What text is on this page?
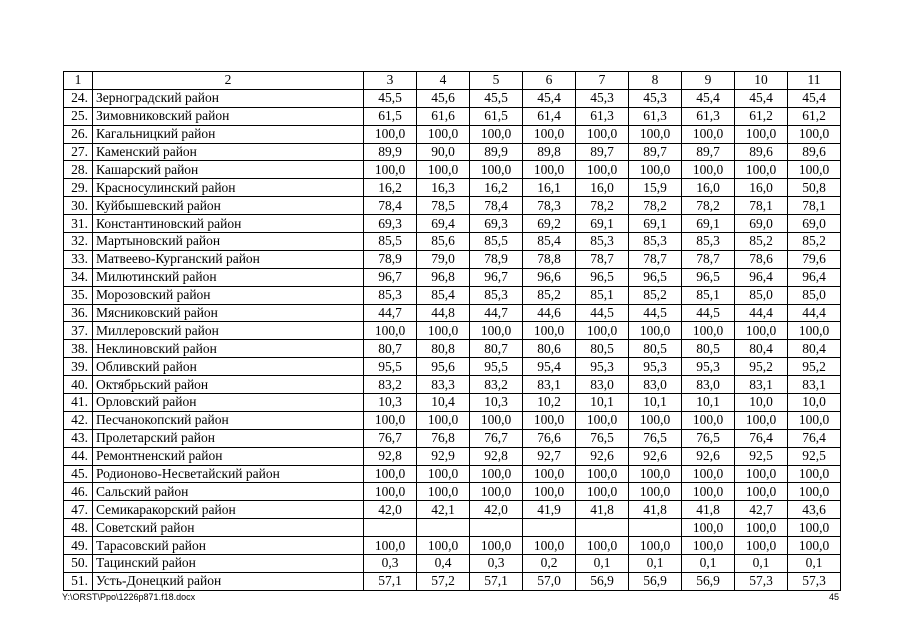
1	2	3	4	5	6	7	8	9	10	11
24.	Зерноградский район	45,5	45,6	45,5	45,4	45,3	45,3	45,4	45,4	45,4
25.	Зимовниковский район	61,5	61,6	61,5	61,4	61,3	61,3	61,3	61,2	61,2
26.	Кагальницкий район	100,0	100,0	100,0	100,0	100,0	100,0	100,0	100,0	100,0
27.	Каменский район	89,9	90,0	89,9	89,8	89,7	89,7	89,7	89,6	89,6
28.	Кашарский район	100,0	100,0	100,0	100,0	100,0	100,0	100,0	100,0	100,0
29.	Красносулинский район	16,2	16,3	16,2	16,1	16,0	15,9	16,0	16,0	50,8
30.	Куйбышевский район	78,4	78,5	78,4	78,3	78,2	78,2	78,2	78,1	78,1
31.	Константиновский район	69,3	69,4	69,3	69,2	69,1	69,1	69,1	69,0	69,0
32.	Мартыновский район	85,5	85,6	85,5	85,4	85,3	85,3	85,3	85,2	85,2
33.	Матвеево-Курганский район	78,9	79,0	78,9	78,8	78,7	78,7	78,7	78,6	79,6
34.	Милютинский район	96,7	96,8	96,7	96,6	96,5	96,5	96,5	96,4	96,4
35.	Морозовский район	85,3	85,4	85,3	85,2	85,1	85,2	85,1	85,0	85,0
36.	Мясниковский район	44,7	44,8	44,7	44,6	44,5	44,5	44,5	44,4	44,4
37.	Миллеровский район	100,0	100,0	100,0	100,0	100,0	100,0	100,0	100,0	100,0
38.	Неклиновский район	80,7	80,8	80,7	80,6	80,5	80,5	80,5	80,4	80,4
39.	Обливский район	95,5	95,6	95,5	95,4	95,3	95,3	95,3	95,2	95,2
40.	Октябрьский район	83,2	83,3	83,2	83,1	83,0	83,0	83,0	83,1	83,1
41.	Орловский район	10,3	10,4	10,3	10,2	10,1	10,1	10,1	10,0	10,0
42.	Песчанокопский район	100,0	100,0	100,0	100,0	100,0	100,0	100,0	100,0	100,0
43.	Пролетарский район	76,7	76,8	76,7	76,6	76,5	76,5	76,5	76,4	76,4
44.	Ремонтненский район	92,8	92,9	92,8	92,7	92,6	92,6	92,6	92,5	92,5
45.	Родионово-Несветайский район	100,0	100,0	100,0	100,0	100,0	100,0	100,0	100,0	100,0
46.	Сальский район	100,0	100,0	100,0	100,0	100,0	100,0	100,0	100,0	100,0
47.	Семикаракорский район	42,0	42,1	42,0	41,9	41,8	41,8	41,8	42,7	43,6
48.	Советский район							100,0	100,0	100,0
49.	Тарасовский район	100,0	100,0	100,0	100,0	100,0	100,0	100,0	100,0	100,0
50.	Тацинский район	0,3	0,4	0,3	0,2	0,1	0,1	0,1	0,1	0,1
51.	Усть-Донецкий район	57,1	57,2	57,1	57,0	56,9	56,9	56,9	57,3	57,3
Y:\ORST\Ppo\1226p871.f18.docx	45
